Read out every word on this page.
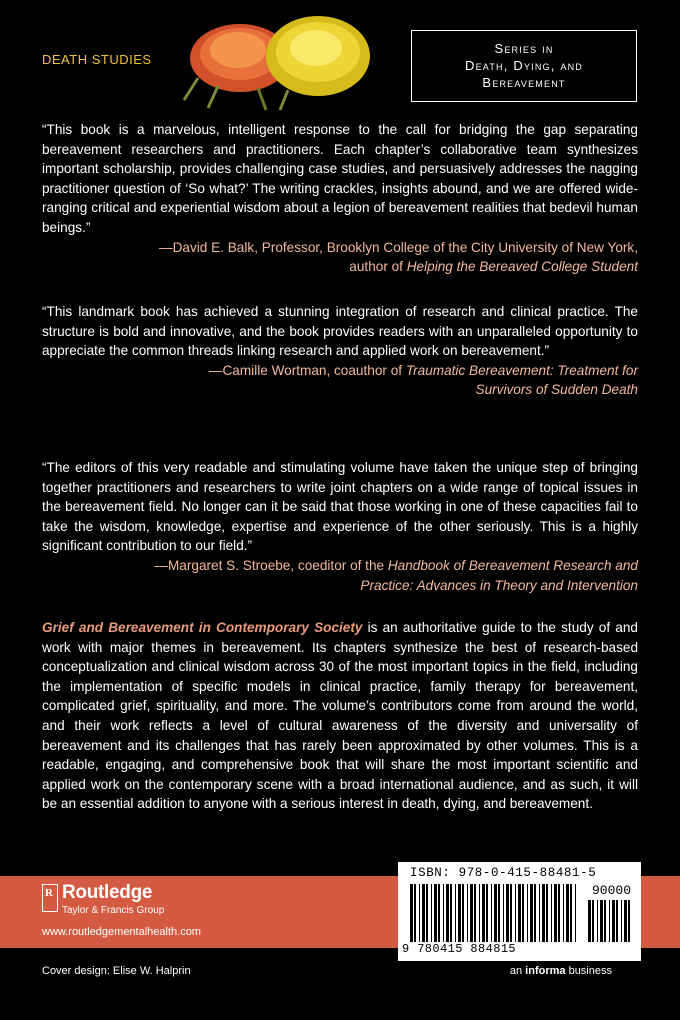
DEATH STUDIES
Series in
Death, Dying, and
Bereavement

“This book is a marvelous, intelligent response to the call for bridging the gap separating bereavement researchers and practitioners. Each chapter’s collaborative team synthesizes important scholarship, provides challenging case studies, and persuasively addresses the nagging practitioner question of ‘So what?’ The writing crackles, insights abound, and we are offered wide-ranging critical and experiential wisdom about a legion of bereavement realities that bedevil human beings.”

—David E. Balk, Professor, Brooklyn College of the City University of New York,
author of Helping the Bereaved College Student

“This landmark book has achieved a stunning integration of research and clinical practice. The structure is bold and innovative, and the book provides readers with an unparalleled opportunity to appreciate the common threads linking research and applied work on bereavement.”

—Camille Wortman, coauthor of Traumatic Bereavement: Treatment for
Survivors of Sudden Death

“The editors of this very readable and stimulating volume have taken the unique step of bringing together practitioners and researchers to write joint chapters on a wide range of topical issues in the bereavement field. No longer can it be said that those working in one of these capacities fail to take the wisdom, knowledge, expertise and experience of the other seriously. This is a highly significant contribution to our field.”

—Margaret S. Stroebe, coeditor of the Handbook of Bereavement Research and
Practice: Advances in Theory and Intervention

Grief and Bereavement in Contemporary Society is an authoritative guide to the study of and work with major themes in bereavement. Its chapters synthesize the best of research-based conceptualization and clinical wisdom across 30 of the most important topics in the field, including the implementation of specific models in clinical practice, family therapy for bereavement, complicated grief, spirituality, and more. The volume’s contributors come from around the world, and their work reflects a level of cultural awareness of the diversity and universality of bereavement and its challenges that has rarely been approximated by other volumes. This is a readable, engaging, and comprehensive book that will share the most important scientific and applied work on the contemporary scene with a broad international audience, and as such, it will be an essential addition to anyone with a serious interest in death, dying, and bereavement.

R Routledge
Taylor & Francis Group
www.routledgementalhealth.com
ISBN: 978-0-415-88481-5
90000
9 780415 884815
Cover design: Elise W. Halprin	an informa business
